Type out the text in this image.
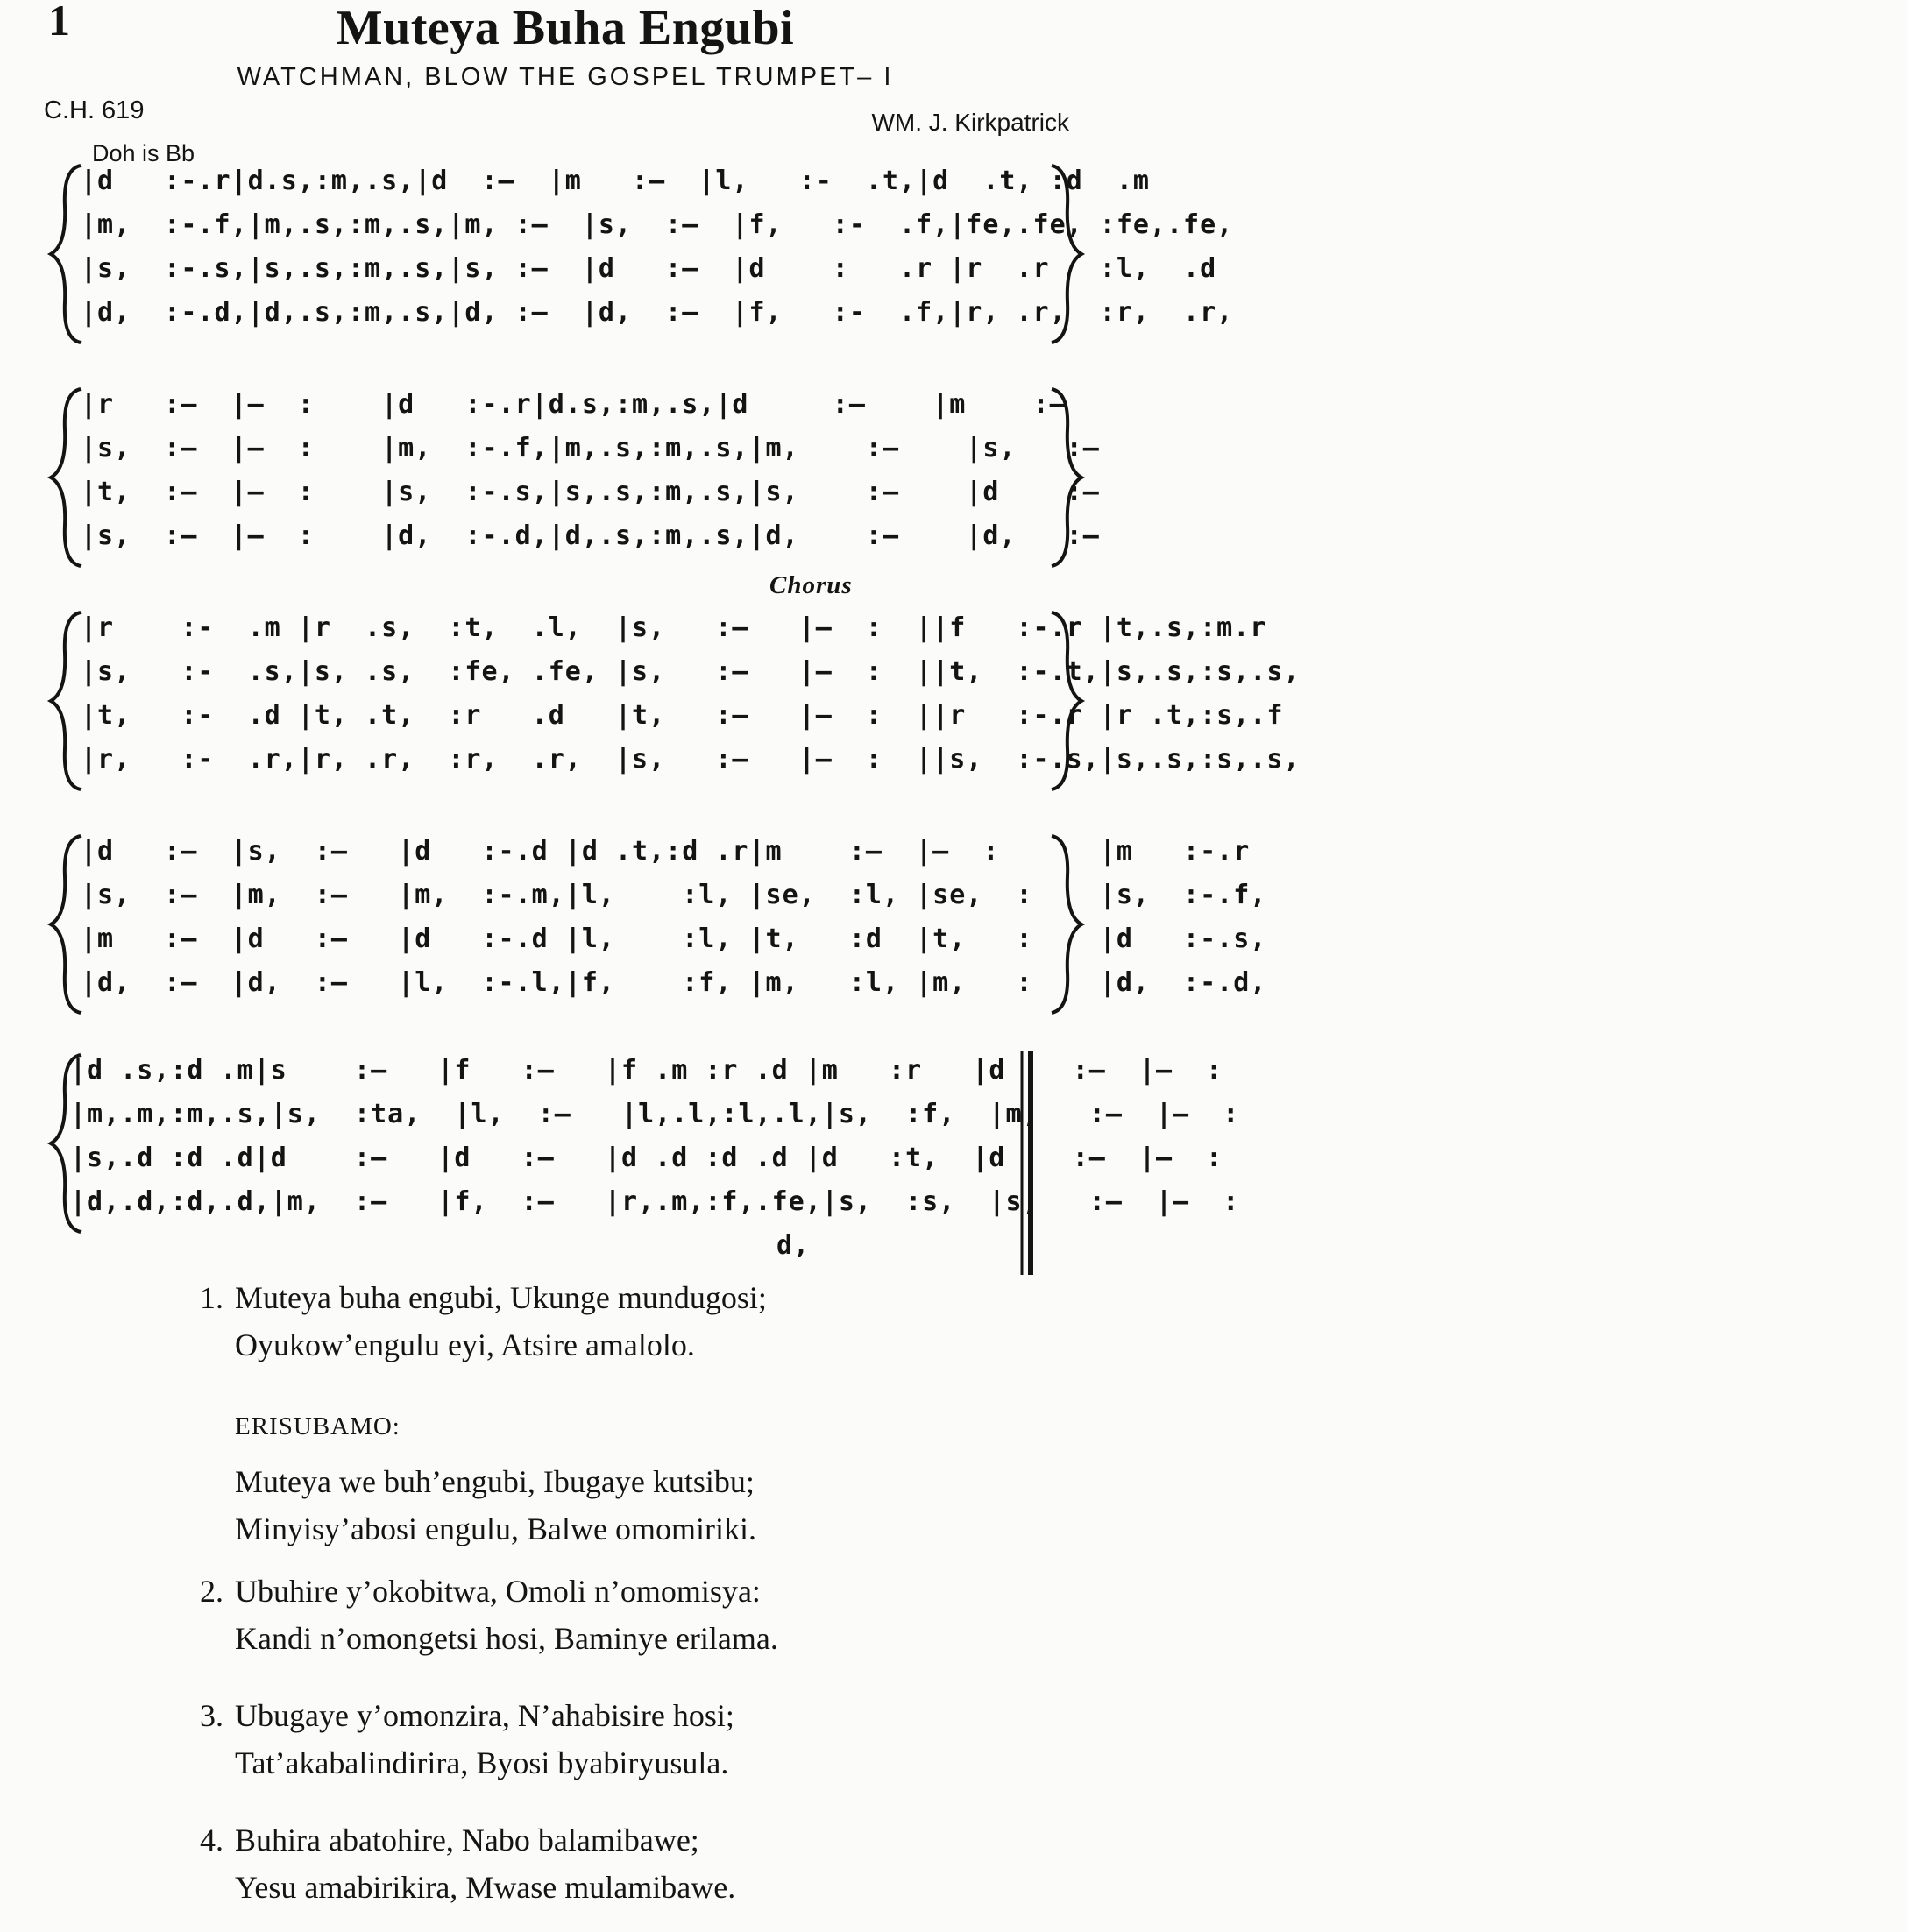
1	Muteya Buha Engubi
WATCHMAN, BLOW THE GOSPEL TRUMPET– I
C.H. 619	WM. J. Kirkpatrick
Doh is Bb
Chorus
|d   :-.r|d.s,:m,.s,|d  :—  |m   :—  |l,   :-  .t,|d  .t, :d  .m
|m,  :-.f,|m,.s,:m,.s,|m, :—  |s,  :—  |f,   :-  .f,|fe,.fe, :fe,.fe,
|s,  :-.s,|s,.s,:m,.s,|s, :—  |d   :—  |d    :   .r |r  .r   :l,  .d
|d,  :-.d,|d,.s,:m,.s,|d, :—  |d,  :—  |f,   :-  .f,|r, .r,  :r,  .r,
|r   :—  |—  :    |d   :-.r|d.s,:m,.s,|d     :—    |m    :—
|s,  :—  |—  :    |m,  :-.f,|m,.s,:m,.s,|m,    :—    |s,   :—
|t,  :—  |—  :    |s,  :-.s,|s,.s,:m,.s,|s,    :—    |d    :—
|s,  :—  |—  :    |d,  :-.d,|d,.s,:m,.s,|d,    :—    |d,   :—
|r    :-  .m |r  .s,  :t,  .l,  |s,   :—   |—  :  ||f   :-.r |t,.s,:m.r
|s,   :-  .s,|s, .s,  :fe, .fe, |s,   :—   |—  :  ||t,  :-.t,|s,.s,:s,.s,
|t,   :-  .d |t, .t,  :r   .d   |t,   :—   |—  :  ||r   :-.r |r .t,:s,.f
|r,   :-  .r,|r, .r,  :r,  .r,  |s,   :—   |—  :  ||s,  :-.s,|s,.s,:s,.s,
|d   :—  |s,  :—   |d   :-.d |d .t,:d .r|m    :—  |—  :      |m   :-.r
|s,  :—  |m,  :—   |m,  :-.m,|l,    :l, |se,  :l, |se,  :    |s,  :-.f,
|m   :—  |d   :—   |d   :-.d |l,    :l, |t,   :d  |t,   :    |d   :-.s,
|d,  :—  |d,  :—   |l,  :-.l,|f,    :f, |m,   :l, |m,   :    |d,  :-.d,
|d .s,:d .m|s    :—   |f   :—   |f .m :r .d |m   :r   |d    :—  |—  :
|m,.m,:m,.s,|s,  :ta,  |l,  :—   |l,.l,:l,.l,|s,  :f,  |m,   :—  |—  :
|s,.d :d .d|d    :—   |d   :—   |d .d :d .d |d   :t,  |d    :—  |—  :
|d,.d,:d,.d,|m,  :—   |f,  :—   |r,.m,:f,.fe,|s,  :s,  |s,   :—  |—  :
d,
1. Muteya buha engubi, Ukunge mundugosi;
Oyukow’engulu eyi, Atsire amalolo.
ERISUBAMO:
Muteya we buh’engubi, Ibugaye kutsibu;
Minyisy’abosi engulu, Balwe omomiriki.
2. Ubuhire y’okobitwa, Omoli n’omomisya:
Kandi n’omongetsi hosi, Baminye erilama.
3. Ubugaye y’omonzira, N’ahabisire hosi;
Tat’akabalindirira, Byosi byabiryusula.
4. Buhira abatohire, Nabo balamibawe;
Yesu amabirikira, Mwase mulamibawe.
